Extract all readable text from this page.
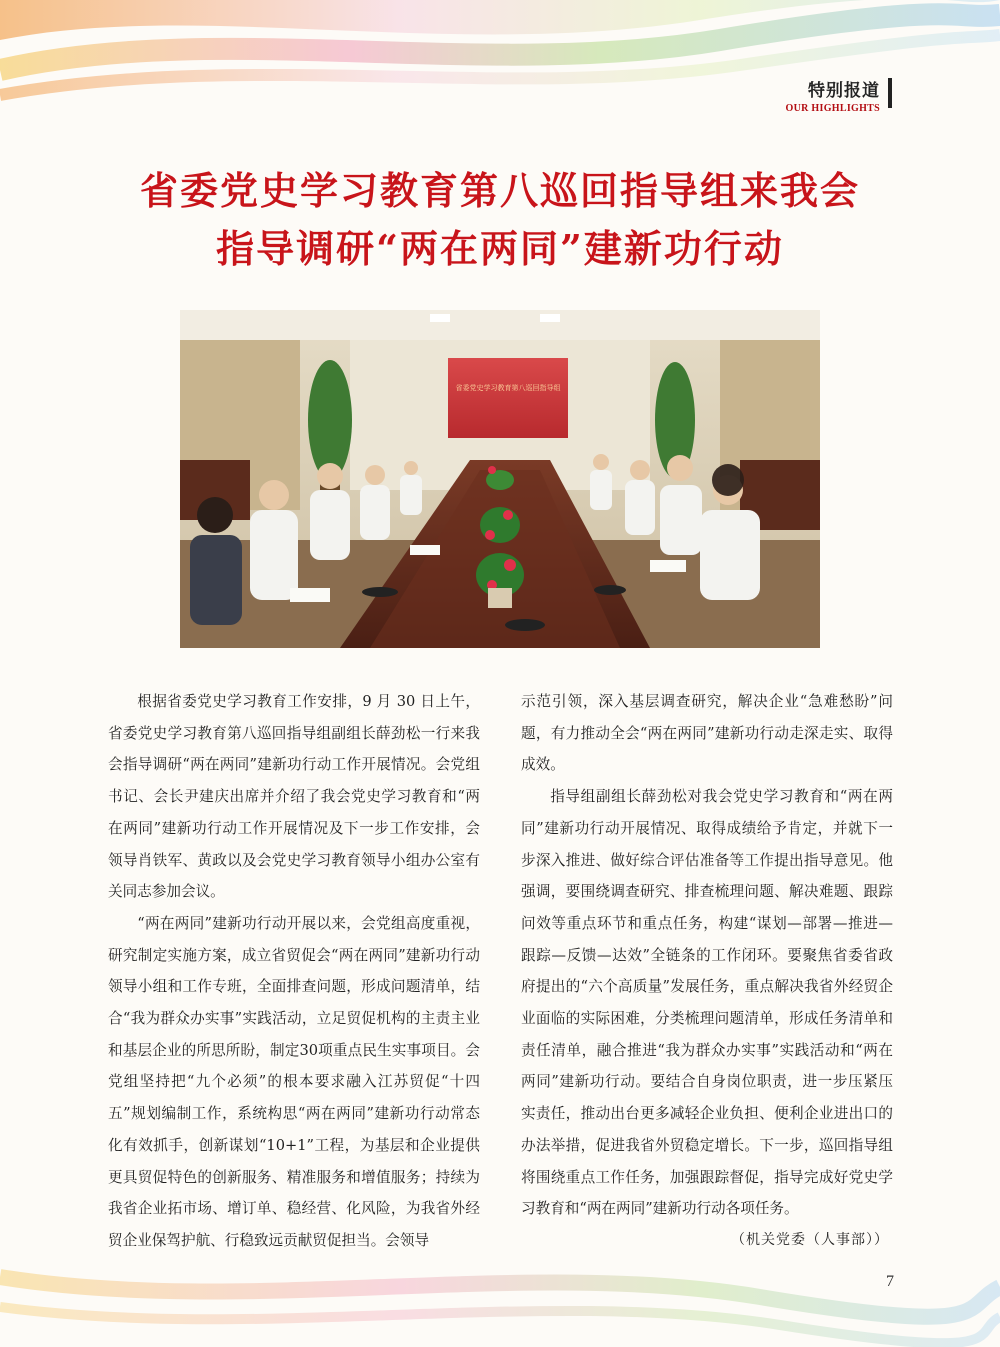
特别报道
OUR HIGHLIGHTS
省委党史学习教育第八巡回指导组来我会
指导调研“两在两同”建新功行动
省委党史学习教育第八巡回指导组

根据省委党史学习教育工作安排，9 月 30 日上午，省委党史学习教育第八巡回指导组副组长薛劲松一行来我会指导调研“两在两同”建新功行动工作开展情况。会党组书记、会长尹建庆出席并介绍了我会党史学习教育和“两在两同”建新功行动工作开展情况及下一步工作安排，会领导肖铁军、黄政以及会党史学习教育领导小组办公室有关同志参加会议。

“两在两同”建新功行动开展以来，会党组高度重视，研究制定实施方案，成立省贸促会“两在两同”建新功行动领导小组和工作专班，全面排查问题，形成问题清单，结合“我为群众办实事”实践活动，立足贸促机构的主责主业和基层企业的所思所盼，制定30项重点民生实事项目。会党组坚持把“九个必须”的根本要求融入江苏贸促“十四五”规划编制工作，系统构思“两在两同”建新功行动常态化有效抓手，创新谋划“10+1”工程，为基层和企业提供更具贸促特色的创新服务、精准服务和增值服务；持续为我省企业拓市场、增订单、稳经营、化风险，为我省外经贸企业保驾护航、行稳致远贡献贸促担当。会领导

示范引领，深入基层调查研究，解决企业“急难愁盼”问题，有力推动全会“两在两同”建新功行动走深走实、取得成效。

指导组副组长薛劲松对我会党史学习教育和“两在两同”建新功行动开展情况、取得成绩给予肯定，并就下一步深入推进、做好综合评估准备等工作提出指导意见。他强调，要围绕调查研究、排查梳理问题、解决难题、跟踪问效等重点环节和重点任务，构建“谋划—部署—推进—跟踪—反馈—达效”全链条的工作闭环。要聚焦省委省政府提出的“六个高质量”发展任务，重点解决我省外经贸企业面临的实际困难，分类梳理问题清单，形成任务清单和责任清单，融合推进“我为群众办实事”实践活动和“两在两同”建新功行动。要结合自身岗位职责，进一步压紧压实责任，推动出台更多减轻企业负担、便利企业进出口的办法举措，促进我省外贸稳定增长。下一步，巡回指导组将围绕重点工作任务，加强跟踪督促，指导完成好党史学习教育和“两在两同”建新功行动各项任务。

（机关党委（人事部））
7
